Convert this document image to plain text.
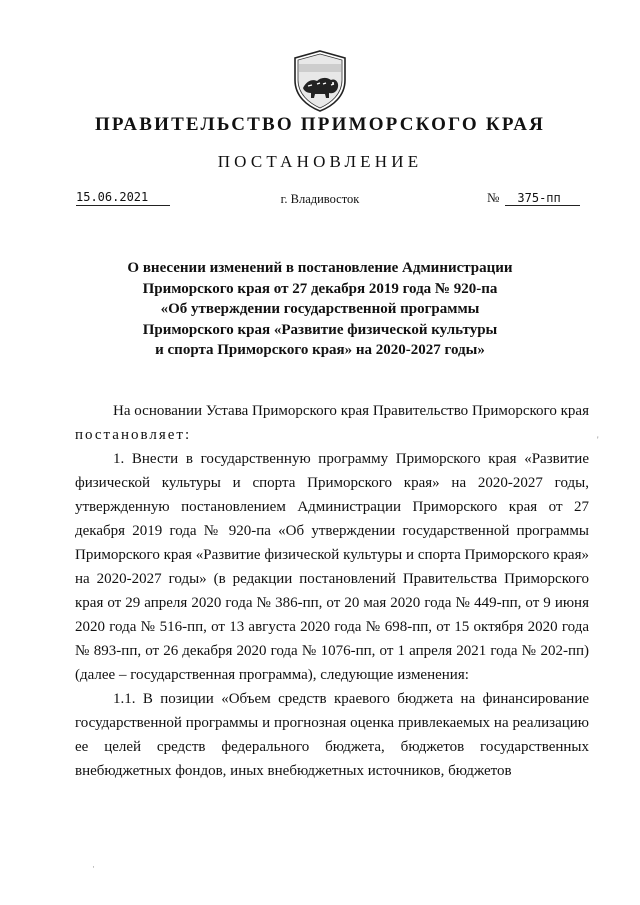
ПРАВИТЕЛЬСТВО ПРИМОРСКОГО КРАЯ
ПОСТАНОВЛЕНИЕ
15.06.2021	г. Владивосток	№	375-пп
О внесении изменений в постановление Администрации
Приморского края от 27 декабря 2019 года № 920-па
«Об утверждении государственной программы
Приморского края «Развитие физической культуры
и спорта Приморского края» на 2020-2027 годы»

На основании Устава Приморского края Правительство Приморского края постановляет:

1. Внести в государственную программу Приморского края «Развитие физической культуры и спорта Приморского края» на 2020-2027 годы, утвержденную постановлением Администрации Приморского края от 27 декабря 2019 года № 920-па «Об утверждении государственной программы Приморского края «Развитие физической культуры и спорта Приморского края» на 2020-2027 годы» (в редакции постановлений Правительства Приморского края от 29 апреля 2020 года № 386-пп, от 20 мая 2020 года № 449-пп, от 9 июня 2020 года № 516-пп, от 13 августа 2020 года № 698-пп, от 15 октября 2020 года № 893-пп, от 26 декабря 2020 года № 1076-пп, от 1 апреля 2021 года № 202-пп) (далее – государственная программа), следующие изменения:

1.1. В позиции «Объем средств краевого бюджета на финансирование государственной программы и прогнозная оценка привлекаемых на реализацию ее целей средств федерального бюджета, бюджетов государственных внебюджетных фондов, иных внебюджетных источников, бюджетов

'
·
